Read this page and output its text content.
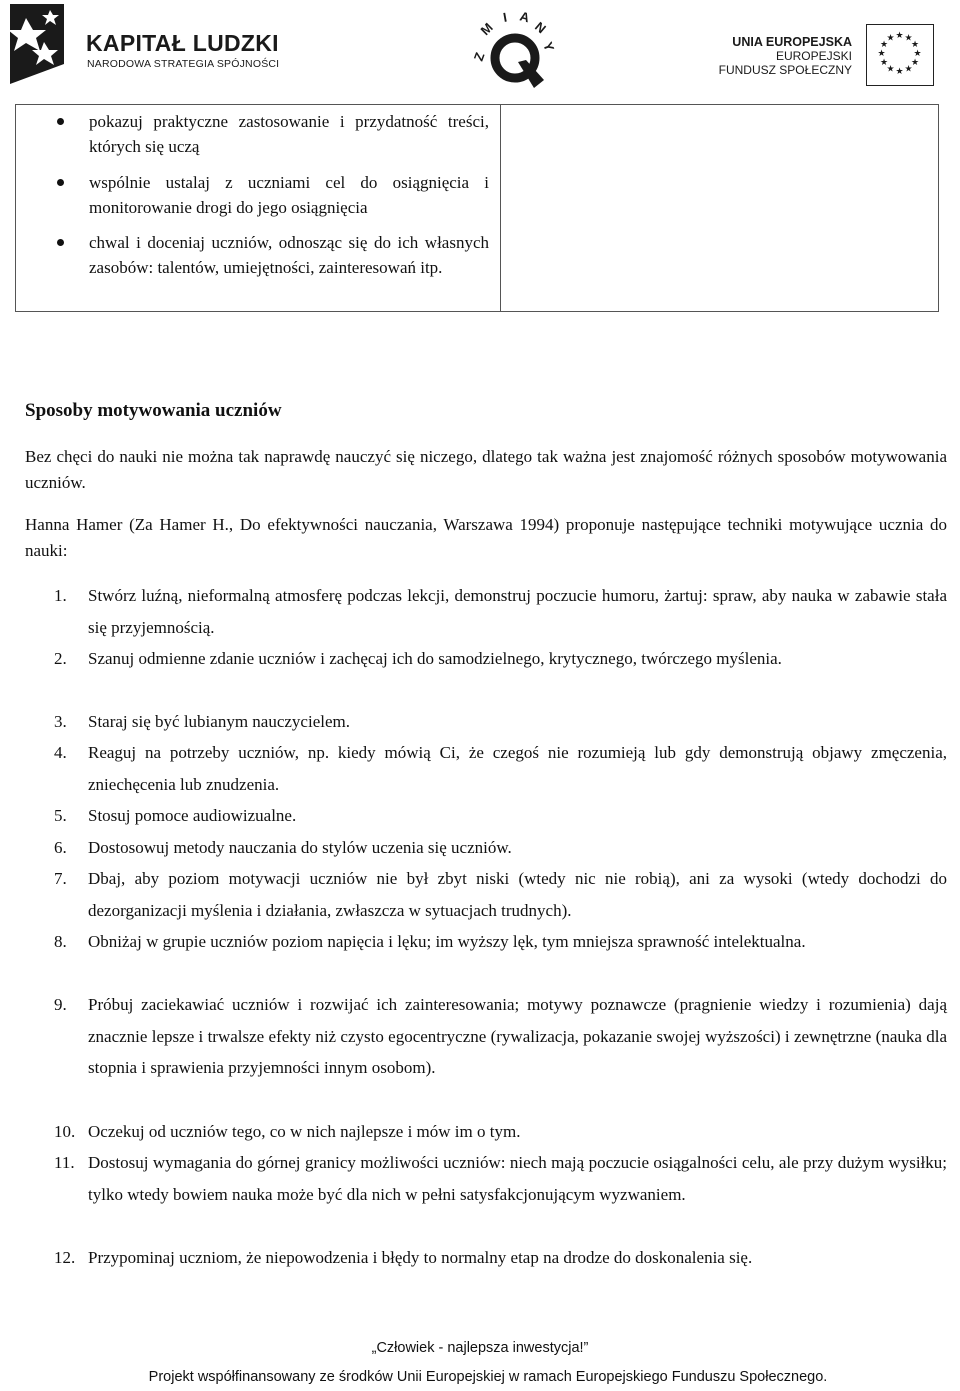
KAPITAŁ LUDZKI
NARODOWA STRATEGIA SPÓJNOŚCI
Z
M
I A
N
Y	UNIA EUROPEJSKA
EUROPEJSKI
FUNDUSZ SPOŁECZNY
★ ★
★
★
★
★
★
★
★
★
★
★
pokazuj praktyczne zastosowanie i przydatność treści, których się uczą
wspólnie ustalaj z uczniami cel do osiągnięcia i monitorowanie drogi do jego osiągnięcia
chwal i doceniaj uczniów, odnosząc się do ich własnych zasobów: talentów, umiejętności, zainteresowań itp.
Sposoby motywowania uczniów

Bez chęci do nauki nie można tak naprawdę nauczyć się niczego, dlatego tak ważna jest znajomość różnych sposobów motywowania uczniów.

Hanna Hamer (Za Hamer H., Do efektywności nauczania, Warszawa 1994) proponuje następujące techniki motywujące ucznia do nauki:

1.	Stwórz luźną, nieformalną atmosferę podczas lekcji, demonstruj poczucie humoru, żartuj: spraw, aby nauka w zabawie stała się przyjemnością.
2.	Szanuj odmienne zdanie uczniów i zachęcaj ich do samodzielnego, krytycznego, twórczego myślenia.
3.	Staraj się być lubianym nauczycielem.
4.	Reaguj na potrzeby uczniów, np. kiedy mówią Ci, że czegoś nie rozumieją lub gdy demonstrują objawy zmęczenia, zniechęcenia lub znudzenia.
5.	Stosuj pomoce audiowizualne.
6.	Dostosowuj metody nauczania do stylów uczenia się uczniów.
7.	Dbaj, aby poziom motywacji uczniów nie był zbyt niski (wtedy nic nie robią), ani za wysoki (wtedy dochodzi do dezorganizacji myślenia i działania, zwłaszcza w sytuacjach trudnych).
8.	Obniżaj w grupie uczniów poziom napięcia i lęku; im wyższy lęk, tym mniejsza sprawność intelektualna.
9.	Próbuj zaciekawiać uczniów i rozwijać ich zainteresowania; motywy poznawcze (pragnienie wiedzy i rozumienia) dają znacznie lepsze i trwalsze efekty niż czysto egocentryczne (rywalizacja, pokazanie swojej wyższości) i zewnętrzne (nauka dla stopnia i sprawienia przyjemności innym osobom).
10. Oczekuj od uczniów tego, co w nich najlepsze i mów im o tym.
11. Dostosuj wymagania do górnej granicy możliwości uczniów: niech mają poczucie osiągalności celu, ale przy dużym wysiłku; tylko wtedy bowiem nauka może być dla nich w pełni satysfakcjonującym wyzwaniem.
12. Przypominaj uczniom, że niepowodzenia i błędy to normalny etap na drodze do doskonalenia się.
„Człowiek - najlepsza inwestycja!”
Projekt współfinansowany ze środków Unii Europejskiej w ramach Europejskiego Funduszu Społecznego.
